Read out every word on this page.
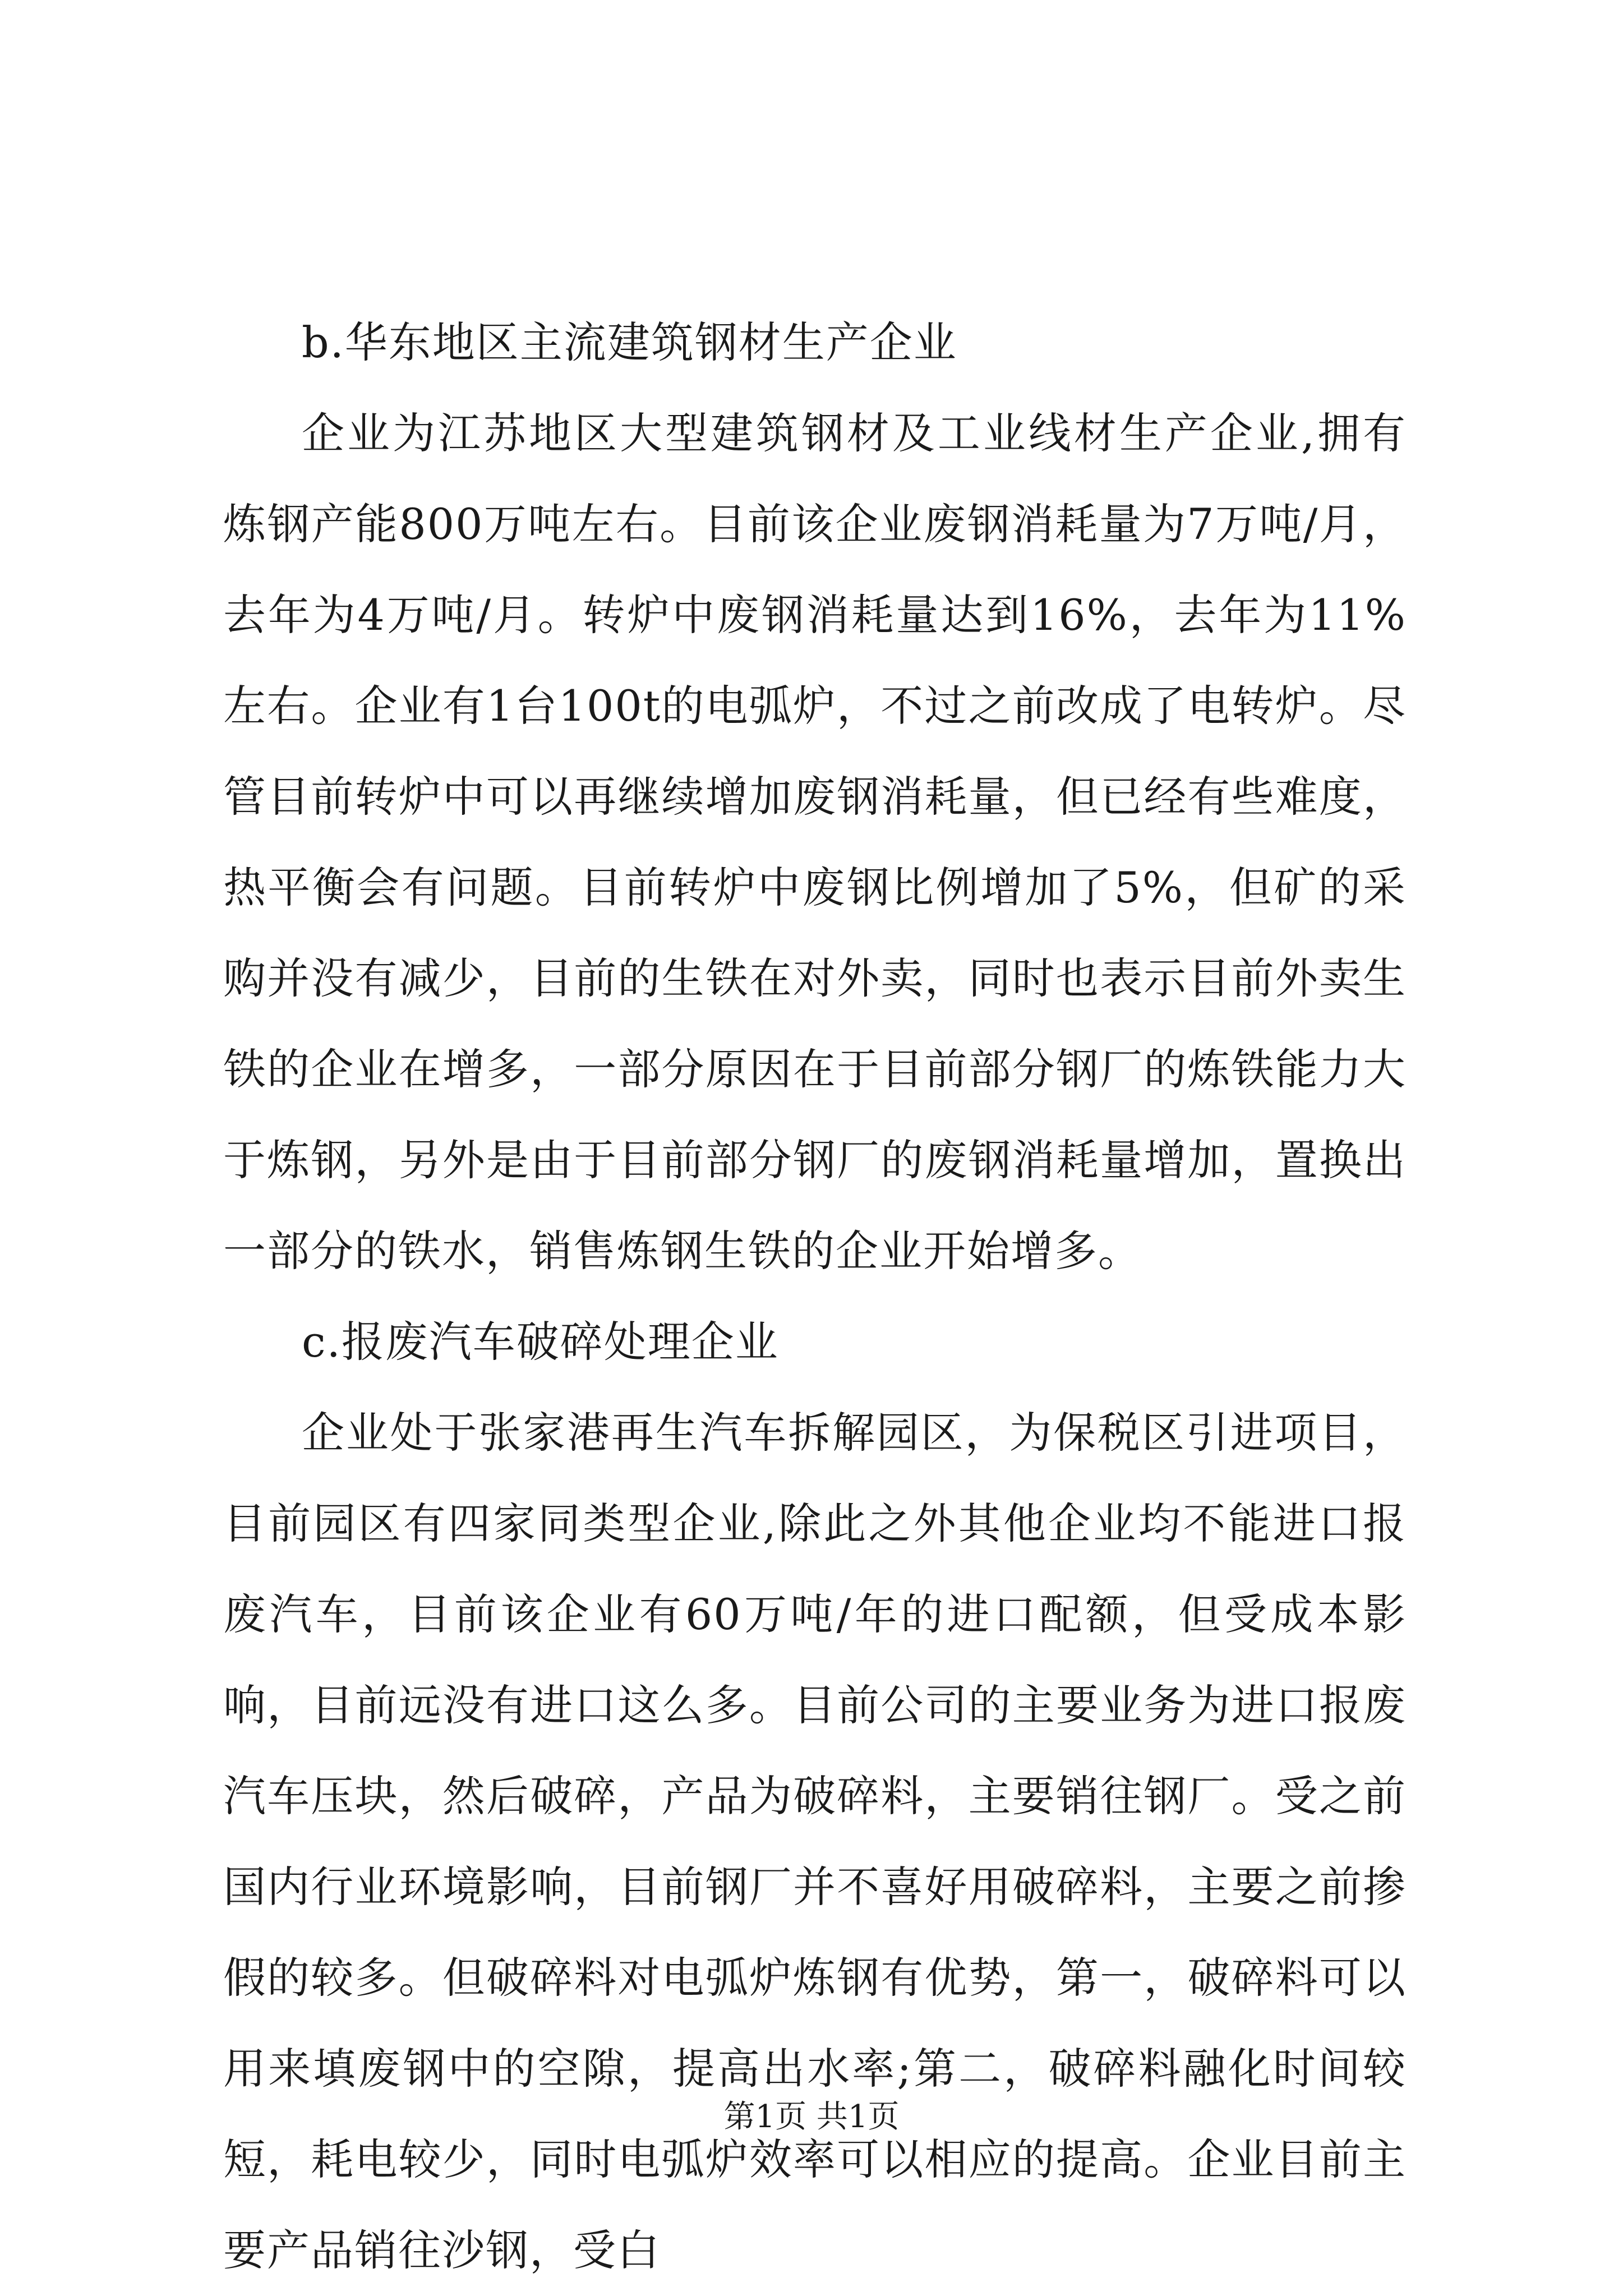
b.华东地区主流建筑钢材生产企业

企业为江苏地区大型建筑钢材及工业线材生产企业,拥有炼钢产能800万吨左右。目前该企业废钢消耗量为7万吨/月，去年为4万吨/月。转炉中废钢消耗量达到16%，去年为11%左右。企业有1台100t的电弧炉，不过之前改成了电转炉。尽管目前转炉中可以再继续增加废钢消耗量，但已经有些难度，热平衡会有问题。目前转炉中废钢比例增加了5%，但矿的采购并没有减少，目前的生铁在对外卖，同时也表示目前外卖生铁的企业在增多，一部分原因在于目前部分钢厂的炼铁能力大于炼钢，另外是由于目前部分钢厂的废钢消耗量增加，置换出一部分的铁水，销售炼钢生铁的企业开始增多。

c.报废汽车破碎处理企业

企业处于张家港再生汽车拆解园区，为保税区引进项目，目前园区有四家同类型企业,除此之外其他企业均不能进口报废汽车，目前该企业有60万吨/年的进口配额，但受成本影响，目前远没有进口这么多。目前公司的主要业务为进口报废汽车压块，然后破碎，产品为破碎料，主要销往钢厂。受之前国内行业环境影响，目前钢厂并不喜好用破碎料，主要之前掺假的较多。但破碎料对电弧炉炼钢有优势，第一，破碎料可以用来填废钢中的空隙，提高出水率;第二，破碎料融化时间较短，耗电较少，同时电弧炉效率可以相应的提高。企业目前主要产品销往沙钢，受白

第1页 共1页
